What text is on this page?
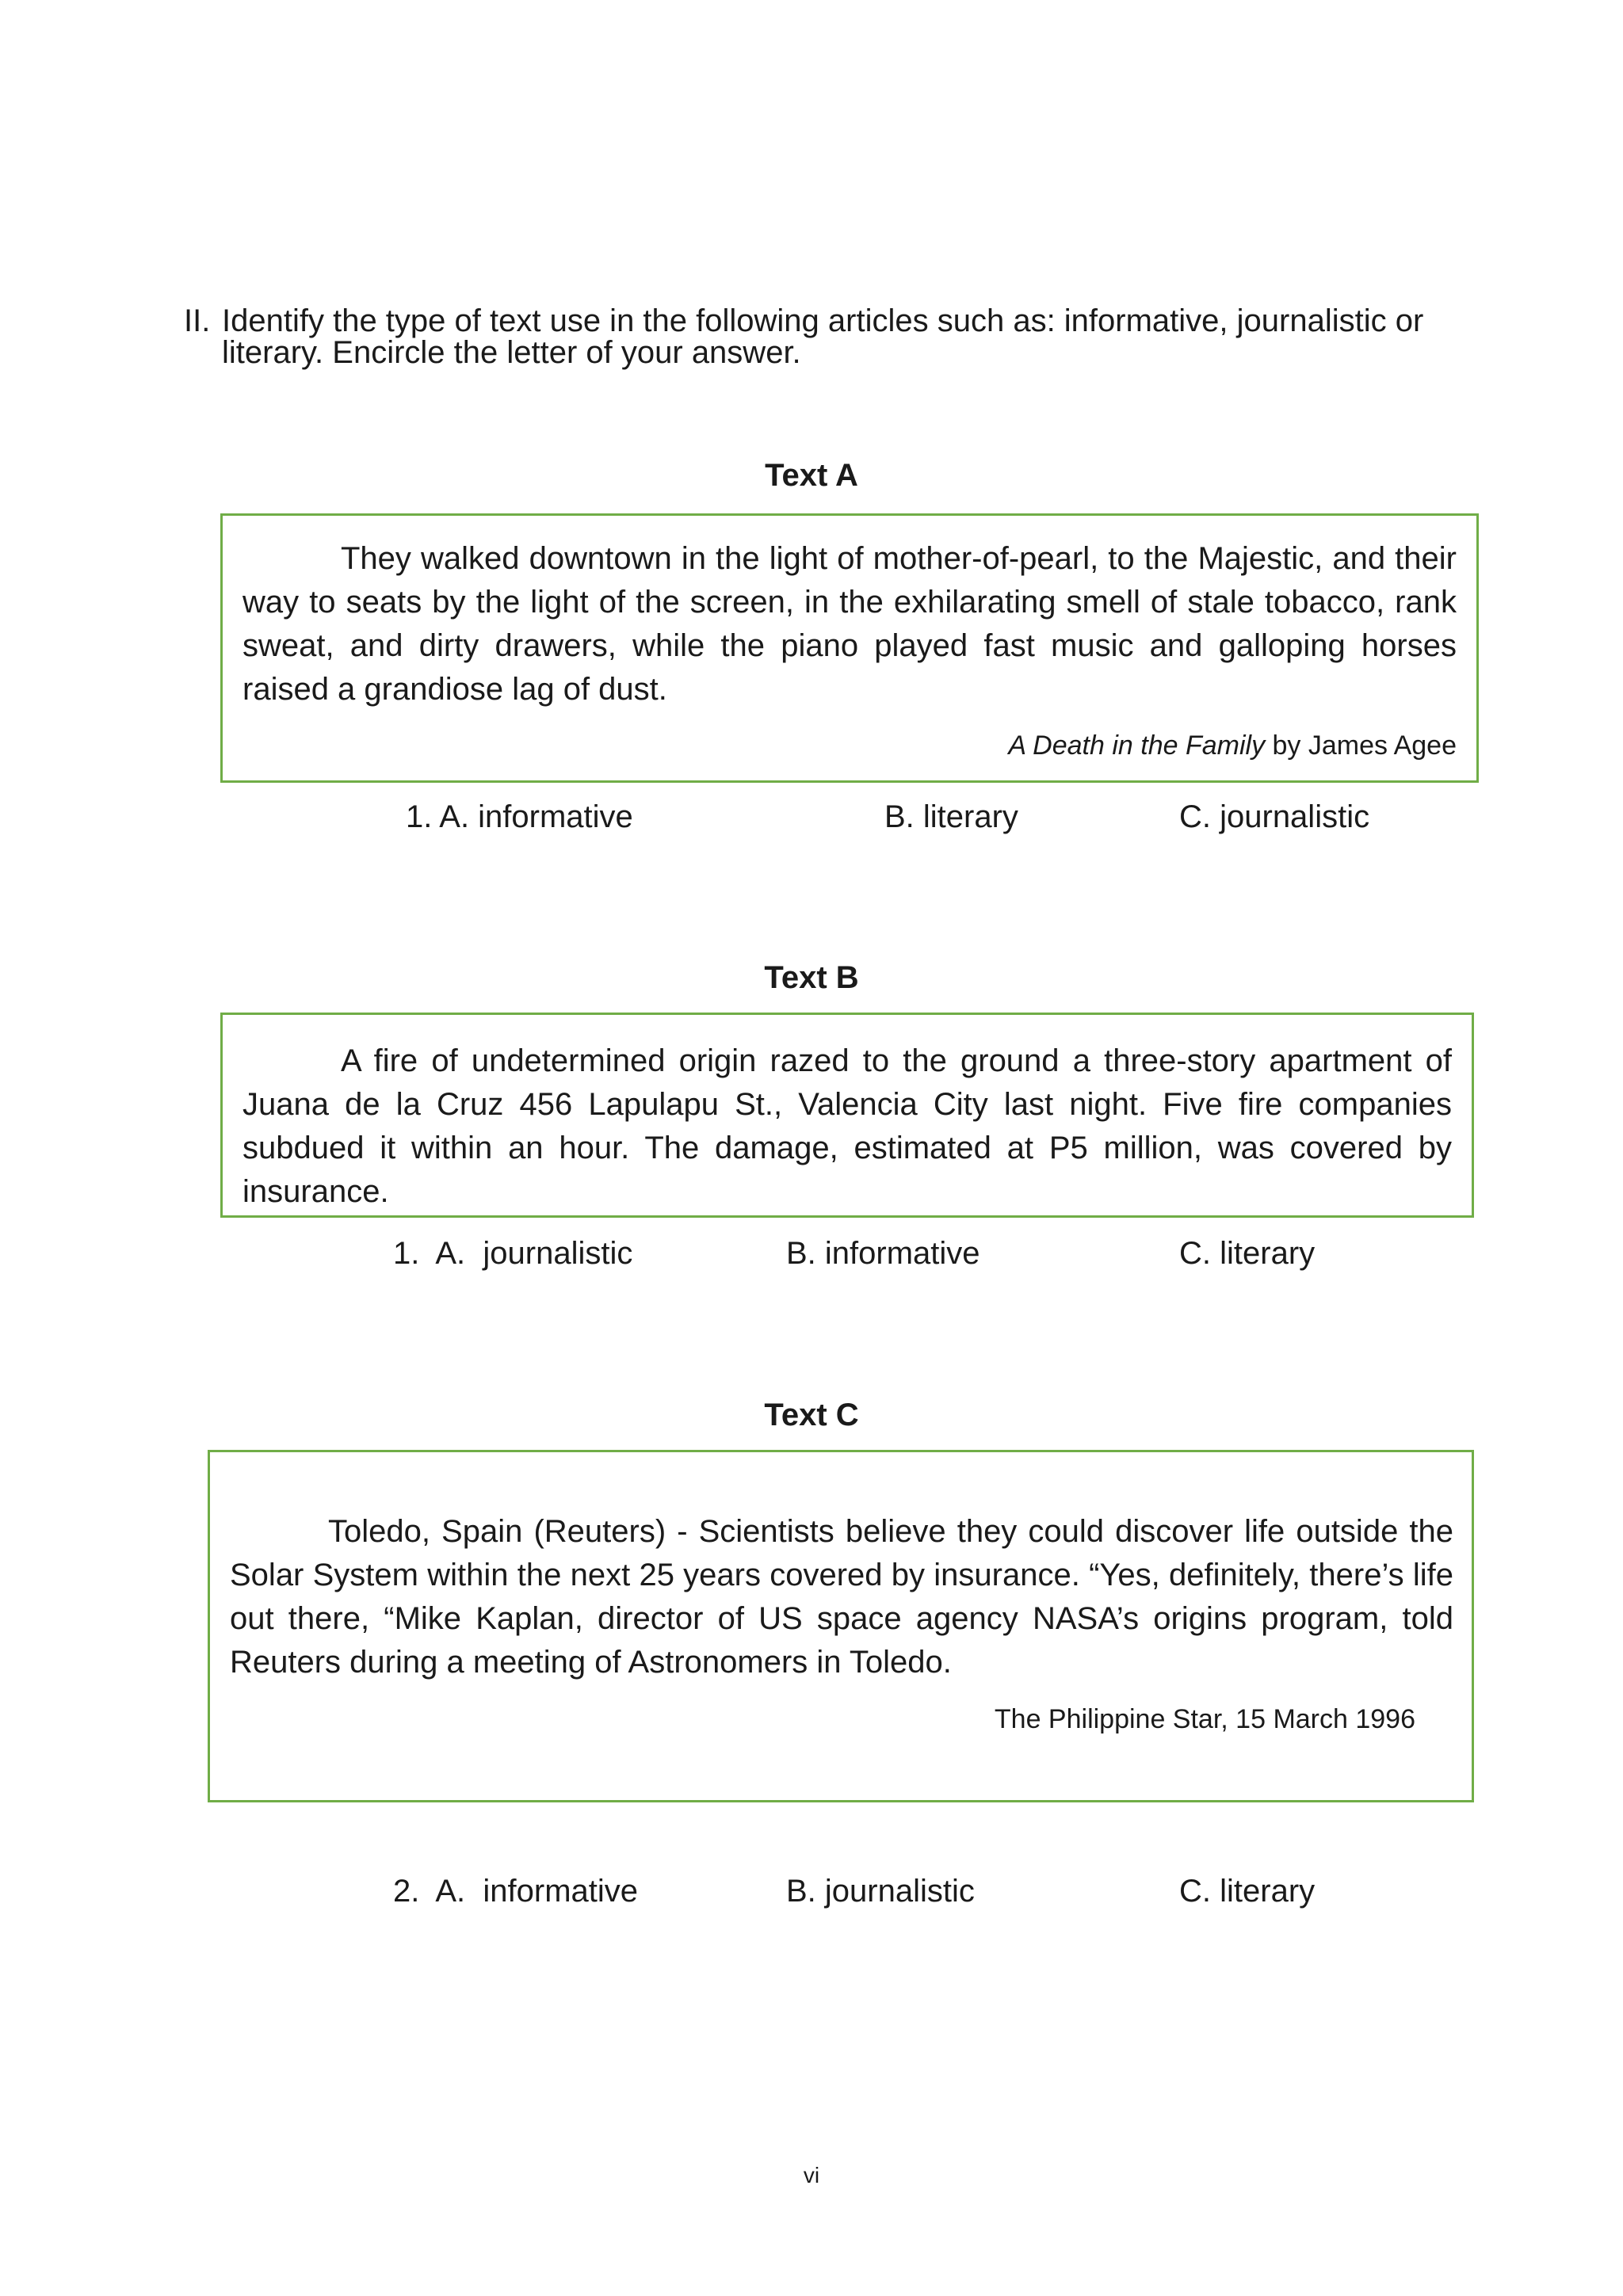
II. Identify the type of text use in the following articles such as: informative, journalistic or literary. Encircle the letter of your answer.
Text A
They walked downtown in the light of mother-of-pearl, to the Majestic, and their way to seats by the light of the screen, in the exhilarating smell of stale tobacco, rank sweat, and dirty drawers, while the piano played fast music and galloping horses raised a grandiose lag of dust.
A Death in the Family by James Agee
1. A. informative	B. literary	C. journalistic
Text B
A fire of undetermined origin razed to the ground a three-story apartment of Juana de la Cruz 456 Lapulapu St., Valencia City last night. Five fire companies subdued it within an hour. The damage, estimated at P5 million, was covered by insurance.
1.  A.  journalistic	B. informative	C. literary
Text C
Toledo, Spain (Reuters) - Scientists believe they could discover life outside the Solar System within the next 25 years covered by insurance. “Yes, definitely, there’s life out there, “Mike Kaplan, director of US space agency NASA’s origins program, told Reuters during a meeting of Astronomers in Toledo.
The Philippine Star, 15 March 1996
2.  A.  informative	B. journalistic	C. literary
vi
